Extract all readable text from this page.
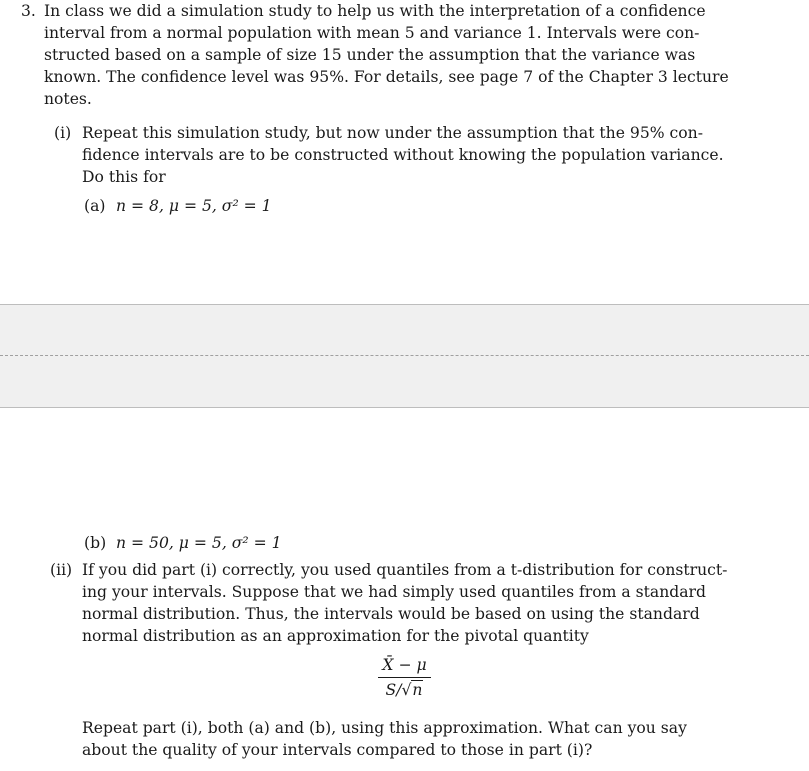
3. In class we did a simulation study to help us with the interpretation of a confidence
interval from a normal population with mean 5 and variance 1. Intervals were con-
structed based on a sample of size 15 under the assumption that the variance was
known. The confidence level was 95%. For details, see page 7 of the Chapter 3 lecture
notes.
(i) Repeat this simulation study, but now under the assumption that the 95% con-
fidence intervals are to be constructed without knowing the population variance.
Do this for
(a) n = 8, μ = 5, σ² = 1
(b) n = 50, μ = 5, σ² = 1
(ii) If you did part (i) correctly, you used quantiles from a t-distribution for construct-
ing your intervals. Suppose that we had simply used quantiles from a standard
normal distribution. Thus, the intervals would be based on using the standard
normal distribution as an approximation for the pivotal quantity
X̄ − μ
S/√n
Repeat part (i), both (a) and (b), using this approximation. What can you say
about the quality of your intervals compared to those in part (i)?
